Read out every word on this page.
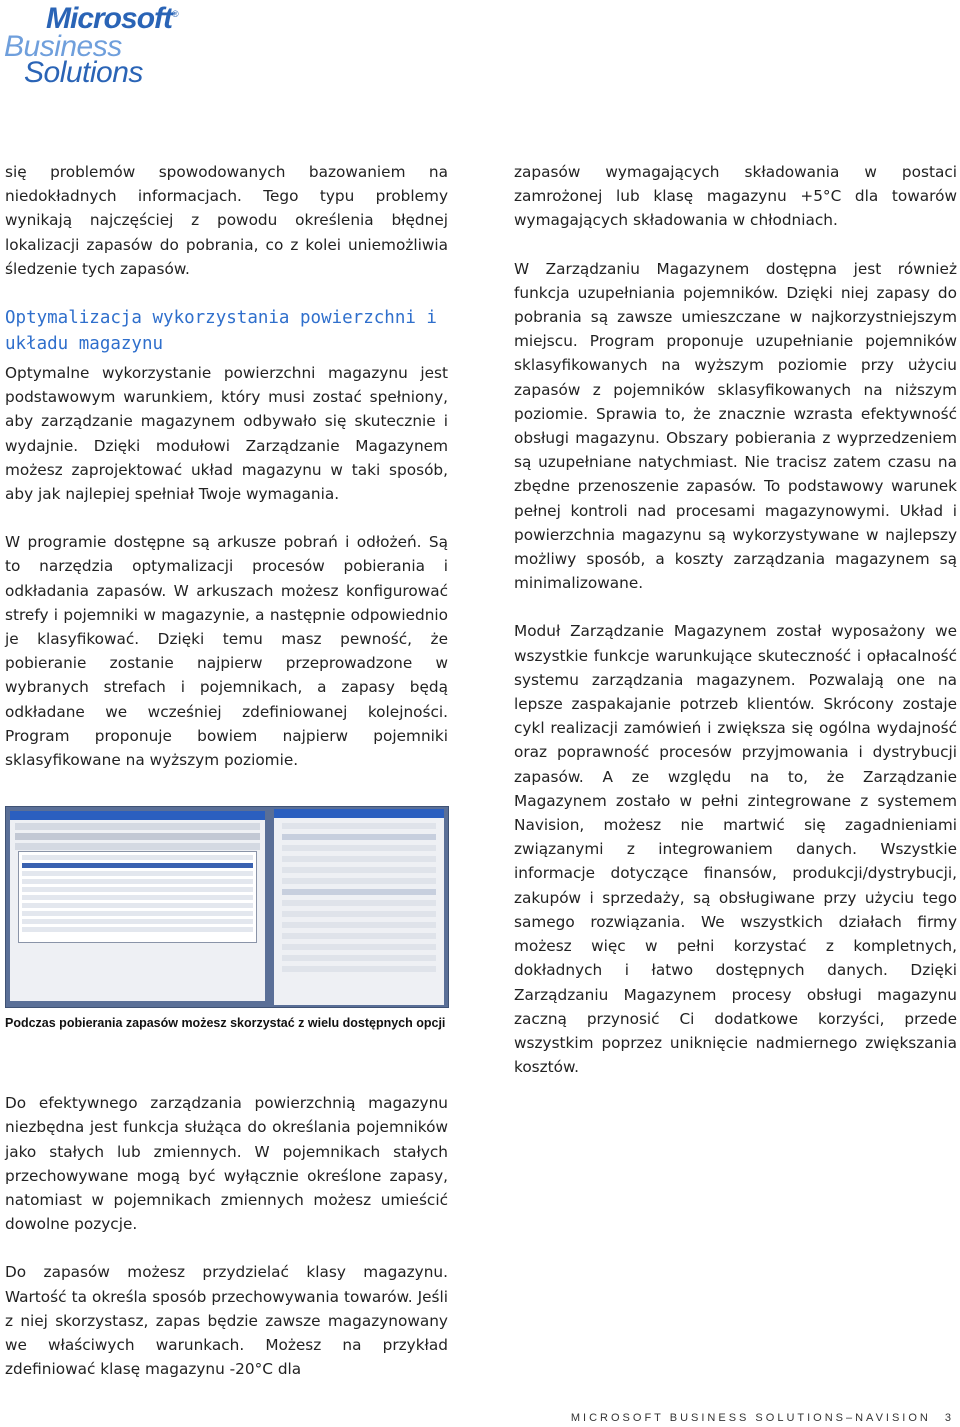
Microsoft®
Business
Solutions

się problemów spowodowanych bazowaniem na niedokładnych informacjach. Tego typu problemy wynikają najczęściej z powodu określenia błędnej lokalizacji zapasów do pobrania, co z kolei uniemożliwia śledzenie tych zapasów.

Optymalizacja wykorzystania powierzchni i układu magazynu

Optymalne wykorzystanie powierzchni magazynu jest podstawowym warunkiem, który musi zostać spełniony, aby zarządzanie magazynem odbywało się skutecznie i wydajnie. Dzięki modułowi Zarządzanie Magazynem możesz zaprojektować układ magazynu w taki sposób, aby jak najlepiej spełniał Twoje wymagania.

W programie dostępne są arkusze pobrań i odłożeń. Są to narzędzia optymalizacji procesów pobierania i odkładania zapasów. W arkuszach możesz konfigurować strefy i pojemniki w magazynie, a następnie odpowiednio je klasyfikować. Dzięki temu masz pewność, że pobieranie zostanie najpierw przeprowadzone w wybranych strefach i pojemnikach, a zapasy będą odkładane we wcześniej zdefiniowanej kolejności. Program proponuje bowiem najpierw pojemniki sklasyfikowane na wyższym poziomie.

Podczas pobierania zapasów możesz skorzystać z wielu dostępnych opcji

Do efektywnego zarządzania powierzchnią magazynu niezbędna jest funkcja służąca do określania pojemników jako stałych lub zmiennych. W pojemnikach stałych przechowywane mogą być wyłącznie określone zapasy, natomiast w pojemnikach zmiennych możesz umieścić dowolne pozycje.

Do zapasów możesz przydzielać klasy magazynu. Wartość ta określa sposób przechowywania towarów. Jeśli z niej skorzystasz, zapas będzie zawsze magazynowany we właściwych warunkach. Możesz na przykład zdefiniować klasę magazynu -20°C dla

zapasów wymagających składowania w postaci zamrożonej lub klasę magazynu +5°C dla towarów wymagających składowania w chłodniach.

W Zarządzaniu Magazynem dostępna jest również funkcja uzupełniania pojemników. Dzięki niej zapasy do pobrania są zawsze umieszczane w najkorzystniejszym miejscu. Program proponuje uzupełnianie pojemników sklasyfikowanych na wyższym poziomie przy użyciu zapasów z pojemników sklasyfikowanych na niższym poziomie. Sprawia to, że znacznie wzrasta efektywność obsługi magazynu. Obszary pobierania z wyprzedzeniem są uzupełniane natychmiast. Nie tracisz zatem czasu na zbędne przenoszenie zapasów. To podstawowy warunek pełnej kontroli nad procesami magazynowymi. Układ i powierzchnia magazynu są wykorzystywane w najlepszy możliwy sposób, a koszty zarządzania magazynem są minimalizowane.

Moduł Zarządzanie Magazynem został wyposażony we wszystkie funkcje warunkujące skuteczność i opłacalność systemu zarządzania magazynem. Pozwalają one na lepsze zaspakajanie potrzeb klientów. Skrócony zostaje cykl realizacji zamówień i zwiększa się ogólna wydajność oraz poprawność procesów przyjmowania i dystrybucji zapasów. A ze względu na to, że Zarządzanie Magazynem zostało w pełni zintegrowane z systemem Navision, możesz nie martwić się zagadnieniami związanymi z integrowaniem danych. Wszystkie informacje dotyczące finansów, produkcji/dystrybucji, zakupów i sprzedaży, są obsługiwane przy użyciu tego samego rozwiązania. We wszystkich działach firmy możesz więc w pełni korzystać z kompletnych, dokładnych i łatwo dostępnych danych. Dzięki Zarządzaniu Magazynem procesy obsługi magazynu zaczną przynosić Ci dodatkowe korzyści, przede wszystkim poprzez uniknięcie nadmiernego zwiększania kosztów.

MICROSOFT BUSINESS SOLUTIONS–NAVISION 3
